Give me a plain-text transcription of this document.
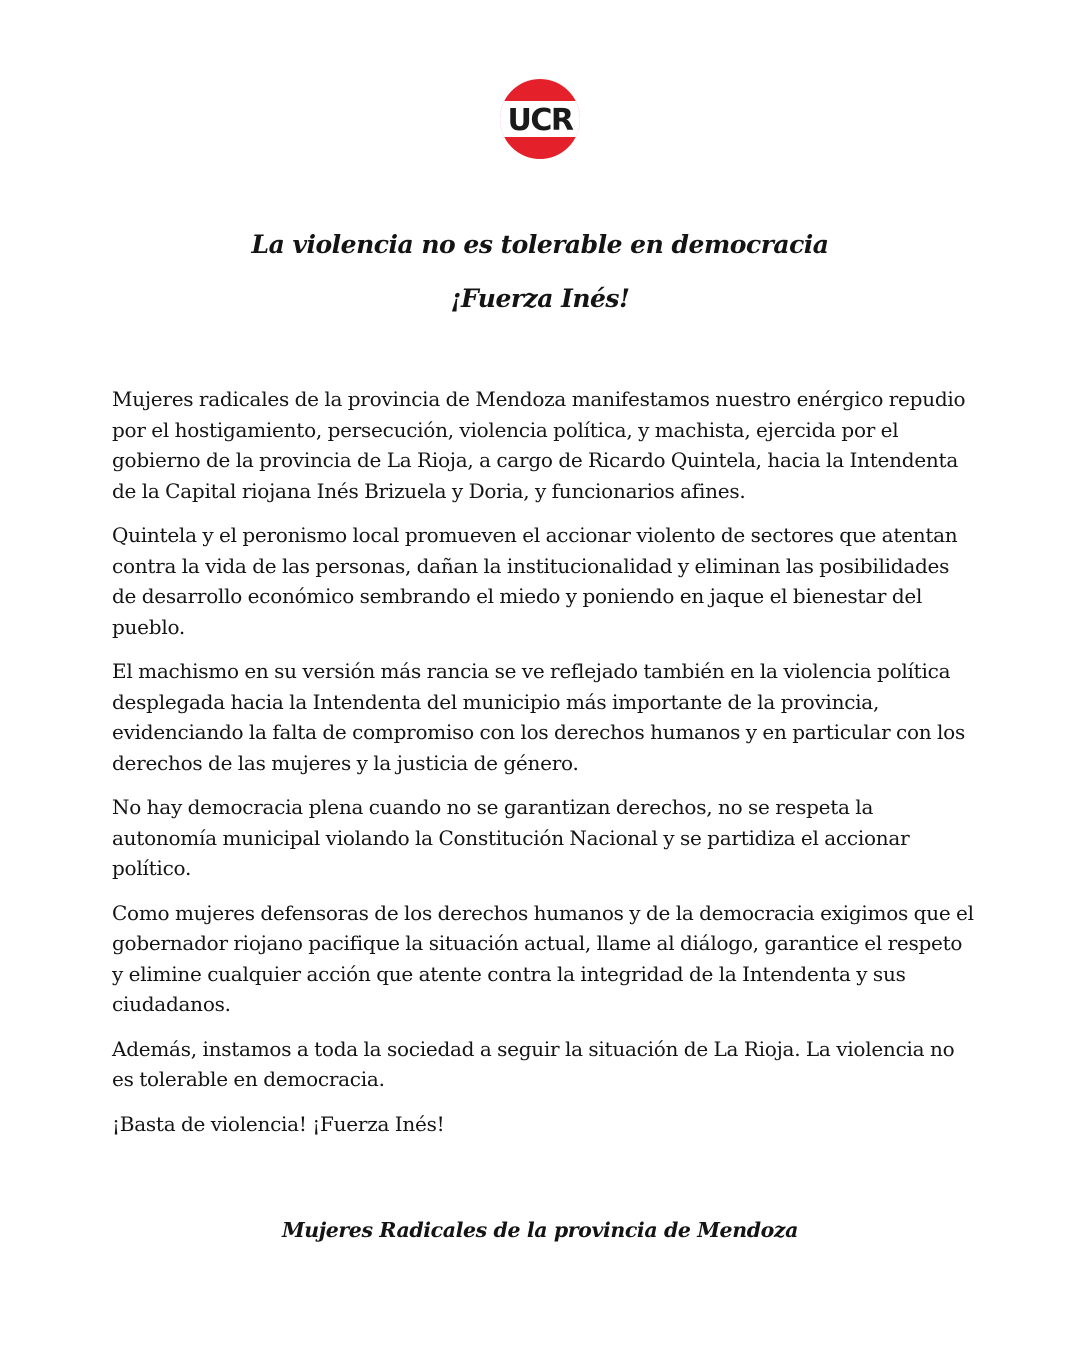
UCR
La violencia no es tolerable en democracia
¡Fuerza Inés!

Mujeres radicales de la provincia de Mendoza manifestamos nuestro enérgico repudio por el hostigamiento, persecución, violencia política, y machista, ejercida por el gobierno de la provincia de La Rioja, a cargo de Ricardo Quintela, hacia la Intendenta de la Capital riojana Inés Brizuela y Doria, y funcionarios afines.

Quintela y el peronismo local promueven el accionar violento de sectores que atentan contra la vida de las personas, dañan la institucionalidad y eliminan las posibilidades de desarrollo económico sembrando el miedo y poniendo en jaque el bienestar del pueblo.

El machismo en su versión más rancia se ve reflejado también en la violencia política desplegada hacia la Intendenta del municipio más importante de la provincia, evidenciando la falta de compromiso con los derechos humanos y en particular con los derechos de las mujeres y la justicia de género.

No hay democracia plena cuando no se garantizan derechos, no se respeta la autonomía municipal violando la Constitución Nacional y se partidiza el accionar político.

Como mujeres defensoras de los derechos humanos y de la democracia exigimos que el gobernador riojano pacifique la situación actual, llame al diálogo, garantice el respeto y elimine cualquier acción que atente contra la integridad de la Intendenta y sus ciudadanos.

Además, instamos a toda la sociedad a seguir la situación de La Rioja. La violencia no es tolerable en democracia.

¡Basta de violencia! ¡Fuerza Inés!

Mujeres Radicales de la provincia de Mendoza
